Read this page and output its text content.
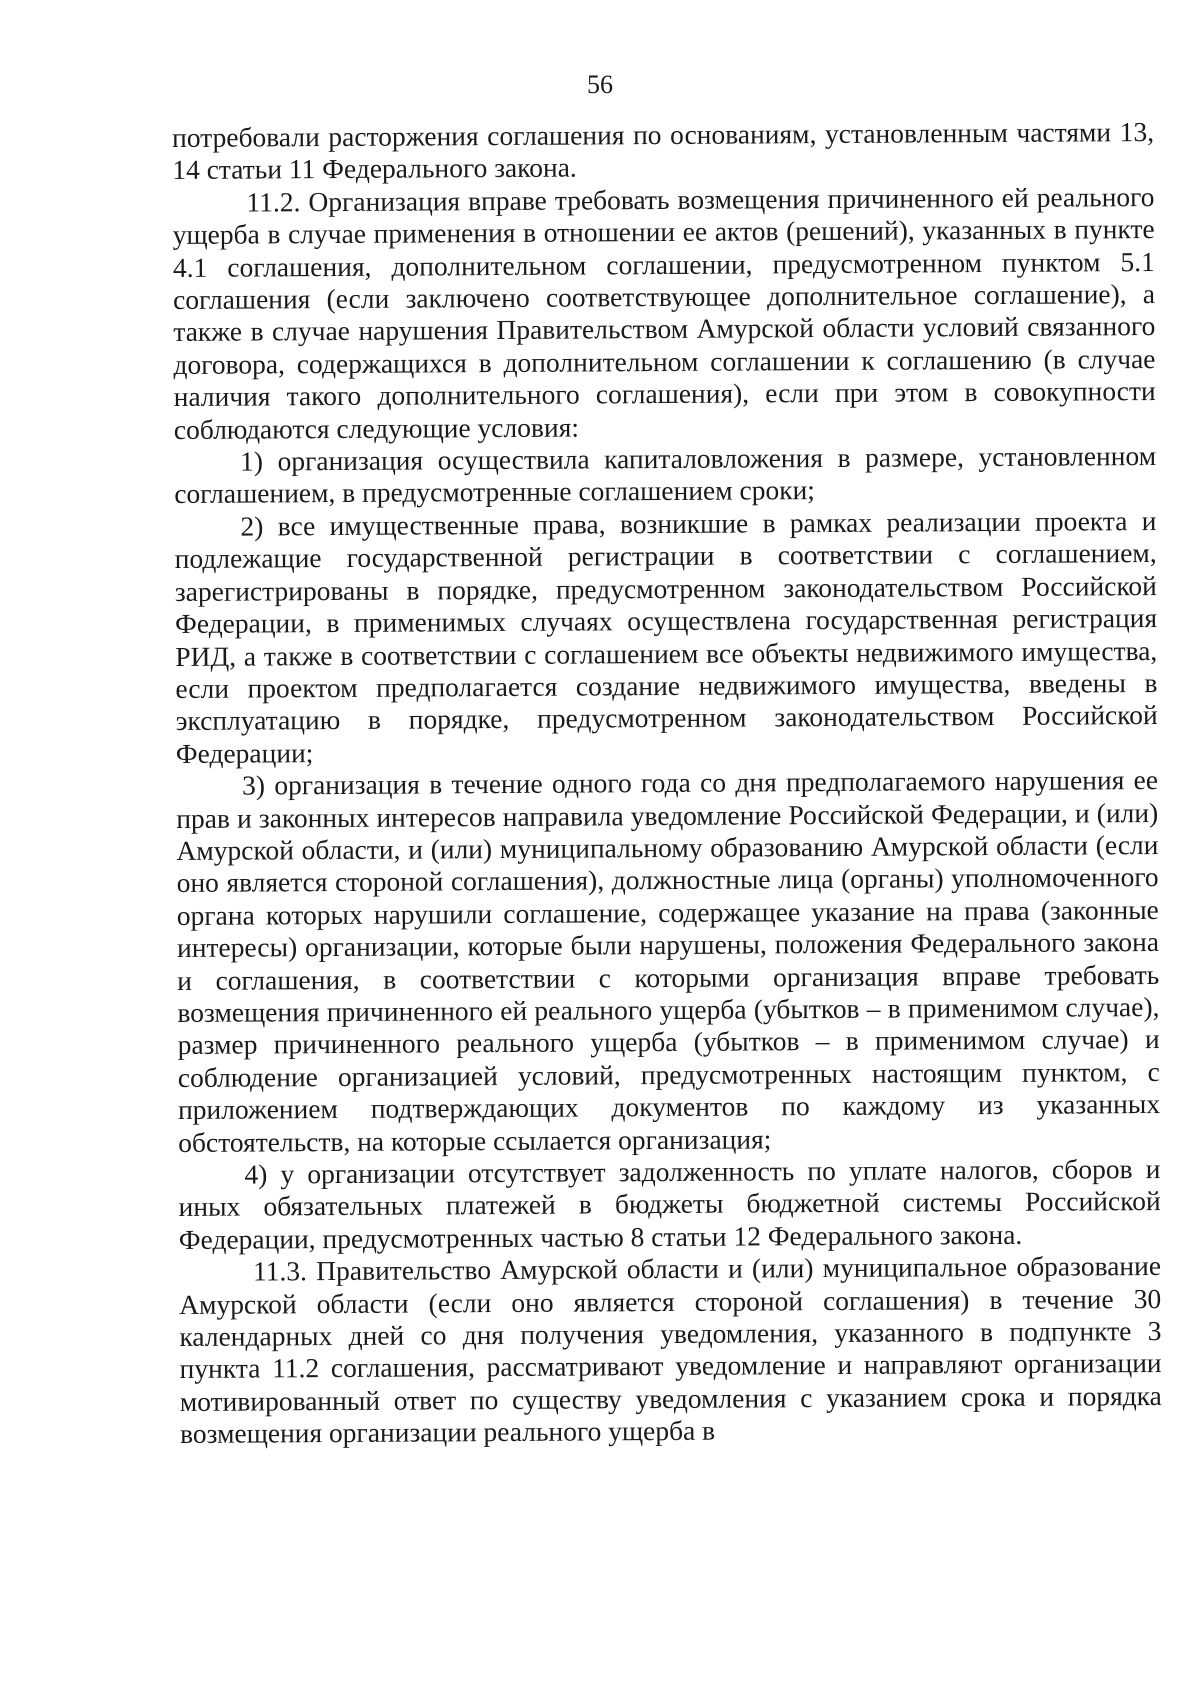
56

потребовали расторжения соглашения по основаниям, установленным частями 13, 14 статьи 11 Федерального закона.

11.2. Организация вправе требовать возмещения причиненного ей реального ущерба в случае применения в отношении ее актов (решений), указанных в пункте 4.1 соглашения, дополнительном соглашении, предусмотренном пунктом 5.1 соглашения (если заключено соответствующее дополнительное соглашение), а также в случае нарушения Правительством Амурской области условий связанного договора, содержащихся в дополнительном соглашении к соглашению (в случае наличия такого дополнительного соглашения), если при этом в совокупности соблюдаются следующие условия:

1) организация осуществила капиталовложения в размере, установленном соглашением, в предусмотренные соглашением сроки;

2) все имущественные права, возникшие в рамках реализации проекта и подлежащие государственной регистрации в соответствии с соглашением, зарегистрированы в порядке, предусмотренном законодательством Российской Федерации, в применимых случаях осуществлена государственная регистрация РИД, а также в соответствии с соглашением все объекты недвижимого имущества, если проектом предполагается создание недвижимого имущества, введены в эксплуатацию в порядке, предусмотренном законодательством Российской Федерации;

3) организация в течение одного года со дня предполагаемого нарушения ее прав и законных интересов направила уведомление Российской Федерации, и (или) Амурской области, и (или) муниципальному образованию Амурской области (если оно является стороной соглашения), должностные лица (органы) уполномоченного органа которых нарушили соглашение, содержащее указание на права (законные интересы) организации, которые были нарушены, положения Федерального закона и соглашения, в соответствии с которыми организация вправе требовать возмещения причиненного ей реального ущерба (убытков – в применимом случае), размер причиненного реального ущерба (убытков – в применимом случае) и соблюдение организацией условий, предусмотренных настоящим пунктом, с приложением подтверждающих документов по каждому из указанных обстоятельств, на которые ссылается организация;

4) у организации отсутствует задолженность по уплате налогов, сборов и иных обязательных платежей в бюджеты бюджетной системы Российской Федерации, предусмотренных частью 8 статьи 12 Федерального закона.

11.3. Правительство Амурской области и (или) муниципальное образование Амурской области (если оно является стороной соглашения) в течение 30 календарных дней со дня получения уведомления, указанного в подпункте 3 пункта 11.2 соглашения, рассматривают уведомление и направляют организации мотивированный ответ по существу уведомления с указанием срока и порядка возмещения организации реального ущерба в
